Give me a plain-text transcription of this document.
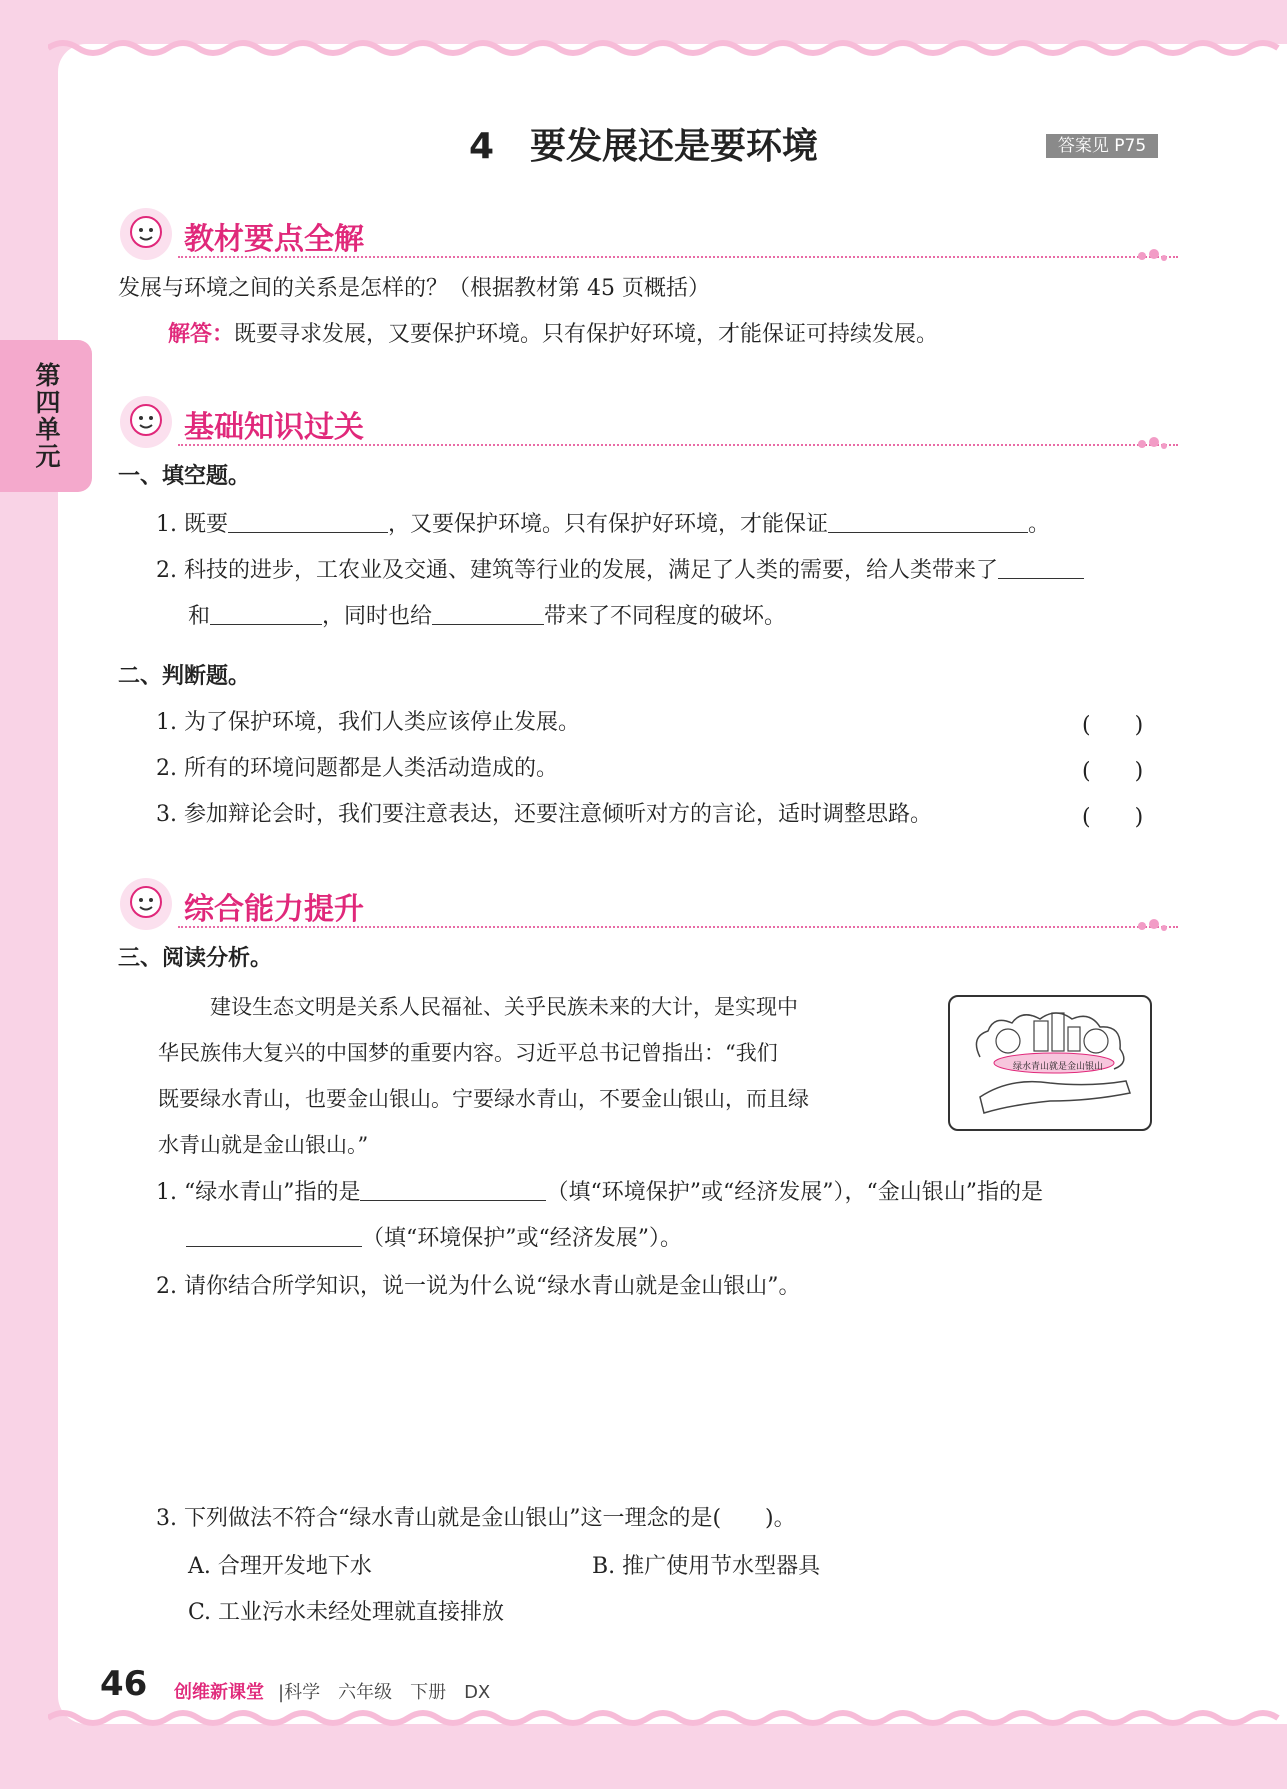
第四单元
4　要发展还是要环境	答案见 P75
教材要点全解
发展与环境之间的关系是怎样的？（根据教材第 45 页概括）
解答：既要寻求发展，又要保护环境。只有保护好环境，才能保证可持续发展。
基础知识过关
一、填空题。
1. 既要	，又要保护环境。只有保护好环境，才能保证	。
2. 科技的进步，工农业及交通、建筑等行业的发展，满足了人类的需要，给人类带来了
和	，同时也给	带来了不同程度的破坏。
二、判断题。
1. 为了保护环境，我们人类应该停止发展。	(　　)
2. 所有的环境问题都是人类活动造成的。	(　　)
3. 参加辩论会时，我们要注意表达，还要注意倾听对方的言论，适时调整思路。	(　　)
综合能力提升
三、阅读分析。
建设生态文明是关系人民福祉、关乎民族未来的大计，是实现中
华民族伟大复兴的中国梦的重要内容。习近平总书记曾指出：“我们
既要绿水青山，也要金山银山。宁要绿水青山，不要金山银山，而且绿
水青山就是金山银山。”
绿水青山就是金山银山
1. “绿水青山”指的是	（填“环境保护”或“经济发展”），“金山银山”指的是
（填“环境保护”或“经济发展”）。
2. 请你结合所学知识，说一说为什么说“绿水青山就是金山银山”。
3. 下列做法不符合“绿水青山就是金山银山”这一理念的是(　　)。
A. 合理开发地下水	B. 推广使用节水型器具
C. 工业污水未经处理就直接排放
46 创维新课堂 |科学　六年级　下册　DX
